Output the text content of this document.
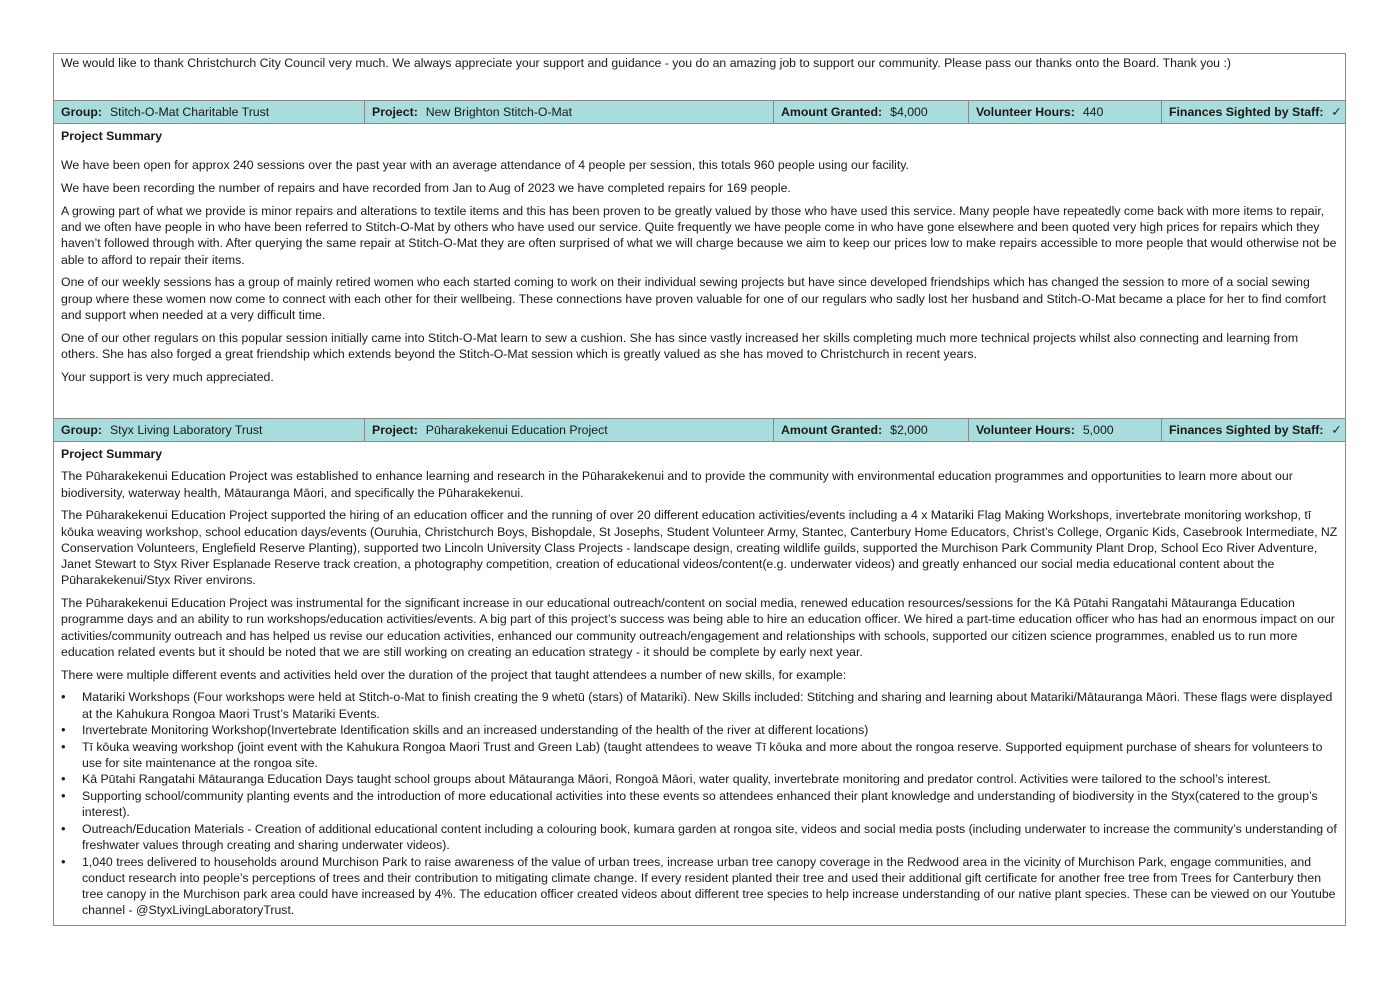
We would like to thank Christchurch City Council very much. We always appreciate your support and guidance - you do an amazing job to support our community. Please pass our thanks onto the Board. Thank you :)
Group: Stitch-O-Mat Charitable Trust	Project: New Brighton Stitch-O-Mat	Amount Granted: $4,000	Volunteer Hours: 440	Finances Sighted by Staff: ✓
Project Summary

We have been open for approx 240 sessions over the past year with an average attendance of 4 people per session, this totals 960 people using our facility.

We have been recording the number of repairs and have recorded from Jan to Aug of 2023 we have completed repairs for 169 people.

A growing part of what we provide is minor repairs and alterations to textile items and this has been proven to be greatly valued by those who have used this service. Many people have repeatedly come back with more items to repair, and we often have people in who have been referred to Stitch-O-Mat by others who have used our service. Quite frequently we have people come in who have gone elsewhere and been quoted very high prices for repairs which they haven’t followed through with. After querying the same repair at Stitch-O-Mat they are often surprised of what we will charge because we aim to keep our prices low to make repairs accessible to more people that would otherwise not be able to afford to repair their items.

One of our weekly sessions has a group of mainly retired women who each started coming to work on their individual sewing projects but have since developed friendships which has changed the session to more of a social sewing group where these women now come to connect with each other for their wellbeing. These connections have proven valuable for one of our regulars who sadly lost her husband and Stitch-O-Mat became a place for her to find comfort and support when needed at a very difficult time.

One of our other regulars on this popular session initially came into Stitch-O-Mat learn to sew a cushion. She has since vastly increased her skills completing much more technical projects whilst also connecting and learning from others. She has also forged a great friendship which extends beyond the Stitch-O-Mat session which is greatly valued as she has moved to Christchurch in recent years.

Your support is very much appreciated.

Group: Styx Living Laboratory Trust	Project: Pūharakekenui Education Project	Amount Granted: $2,000	Volunteer Hours: 5,000	Finances Sighted by Staff: ✓
Project Summary

The Pūharakekenui Education Project was established to enhance learning and research in the Pūharakekenui and to provide the community with environmental education programmes and opportunities to learn more about our biodiversity, waterway health, Mātauranga Māori, and specifically the Pūharakekenui.

The Pūharakekenui Education Project supported the hiring of an education officer and the running of over 20 different education activities/events including a 4 x Matariki Flag Making Workshops, invertebrate monitoring workshop, tī kōuka weaving workshop, school education days/events (Ouruhia, Christchurch Boys, Bishopdale, St Josephs, Student Volunteer Army, Stantec, Canterbury Home Educators, Christ’s College, Organic Kids, Casebrook Intermediate, NZ Conservation Volunteers, Englefield Reserve Planting), supported two Lincoln University Class Projects - landscape design, creating wildlife guilds, supported the Murchison Park Community Plant Drop, School Eco River Adventure, Janet Stewart to Styx River Esplanade Reserve track creation, a photography competition, creation of educational videos/content(e.g. underwater videos) and greatly enhanced our social media educational content about the Pūharakekenui/Styx River environs.

The Pūharakekenui Education Project was instrumental for the significant increase in our educational outreach/content on social media, renewed education resources/sessions for the Kā Pūtahi Rangatahi Mātauranga Education programme days and an ability to run workshops/education activities/events. A big part of this project’s success was being able to hire an education officer. We hired a part-time education officer who has had an enormous impact on our activities/community outreach and has helped us revise our education activities, enhanced our community outreach/engagement and relationships with schools, supported our citizen science programmes, enabled us to run more education related events but it should be noted that we are still working on creating an education strategy - it should be complete by early next year.

There were multiple different events and activities held over the duration of the project that taught attendees a number of new skills, for example:

• Matariki Workshops (Four workshops were held at Stitch-o-Mat to finish creating the 9 whetū (stars) of Matariki). New Skills included: Stitching and sharing and learning about Matariki/Mātauranga Māori. These flags were displayed at the Kahukura Rongoa Maori Trust’s Matariki Events.
• Invertebrate Monitoring Workshop(Invertebrate Identification skills and an increased understanding of the health of the river at different locations)
• Tī kōuka weaving workshop (joint event with the Kahukura Rongoa Maori Trust and Green Lab) (taught attendees to weave Tī kōuka and more about the rongoa reserve. Supported equipment purchase of shears for volunteers to use for site maintenance at the rongoa site.
• Kā Pūtahi Rangatahi Mātauranga Education Days taught school groups about Mātauranga Māori, Rongoā Māori, water quality, invertebrate monitoring and predator control. Activities were tailored to the school’s interest.
• Supporting school/community planting events and the introduction of more educational activities into these events so attendees enhanced their plant knowledge and understanding of biodiversity in the Styx(catered to the group’s interest).
• Outreach/Education Materials - Creation of additional educational content including a colouring book, kumara garden at rongoa site, videos and social media posts (including underwater to increase the community’s understanding of freshwater values through creating and sharing underwater videos).
• 1,040 trees delivered to households around Murchison Park to raise awareness of the value of urban trees, increase urban tree canopy coverage in the Redwood area in the vicinity of Murchison Park, engage communities, and conduct research into people’s perceptions of trees and their contribution to mitigating climate change. If every resident planted their tree and used their additional gift certificate for another free tree from Trees for Canterbury then tree canopy in the Murchison park area could have increased by 4%. The education officer created videos about different tree species to help increase understanding of our native plant species. These can be viewed on our Youtube channel - @StyxLivingLaboratoryTrust.
